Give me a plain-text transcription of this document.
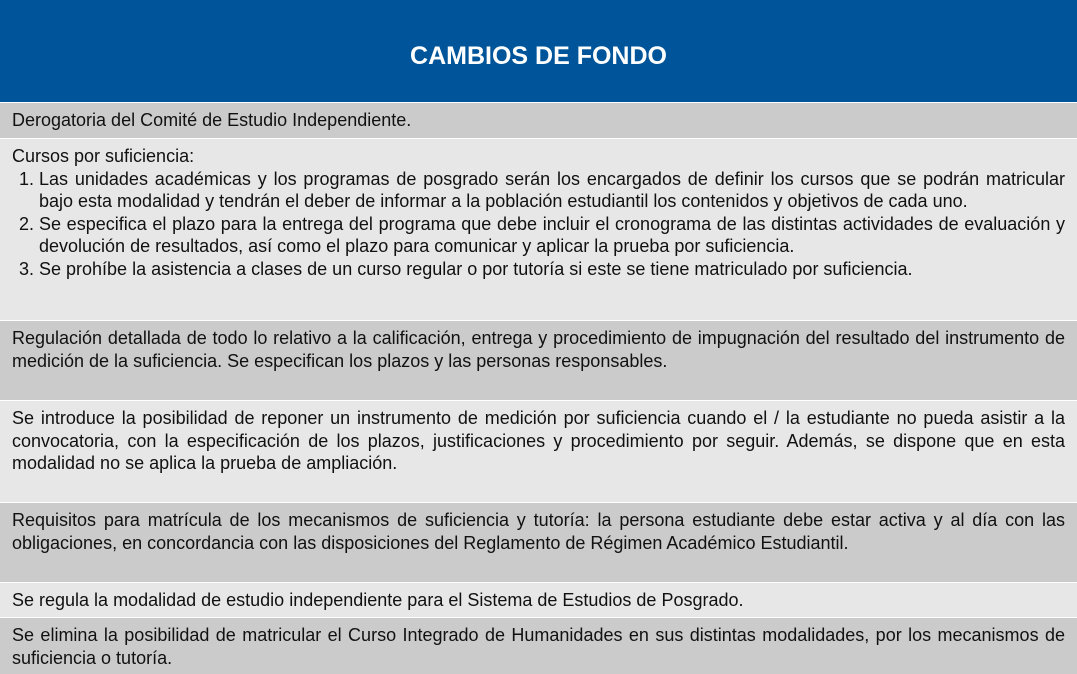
CAMBIOS DE FONDO
Derogatoria del Comité de Estudio Independiente.
Cursos por suficiencia:
1. Las unidades académicas y los programas de posgrado serán los encargados de definir los cursos que se podrán matricular bajo esta modalidad y tendrán el deber de informar a la población estudiantil los contenidos y objetivos de cada uno.
2. Se especifica el plazo para la entrega del programa que debe incluir el cronograma de las distintas actividades de evaluación y devolución de resultados, así como el plazo para comunicar y aplicar la prueba por suficiencia.
3. Se prohíbe la asistencia a clases de un curso regular o por tutoría si este se tiene matriculado por suficiencia.
Regulación detallada de todo lo relativo a la calificación, entrega y procedimiento de impugnación del resultado del instrumento de medición de la suficiencia. Se especifican los plazos y las personas responsables.
Se introduce la posibilidad de reponer un instrumento de medición por suficiencia cuando el / la estudiante no pueda asistir a la convocatoria, con la especificación de los plazos, justificaciones y procedimiento por seguir. Además, se dispone que en esta modalidad no se aplica la prueba de ampliación.
Requisitos para matrícula de los mecanismos de suficiencia y tutoría: la persona estudiante debe estar activa y al día con las obligaciones, en concordancia con las disposiciones del Reglamento de Régimen Académico Estudiantil.
Se regula la modalidad de estudio independiente para el Sistema de Estudios de Posgrado.
Se elimina la posibilidad de matricular el Curso Integrado de Humanidades en sus distintas modalidades, por los mecanismos de suficiencia o tutoría.
